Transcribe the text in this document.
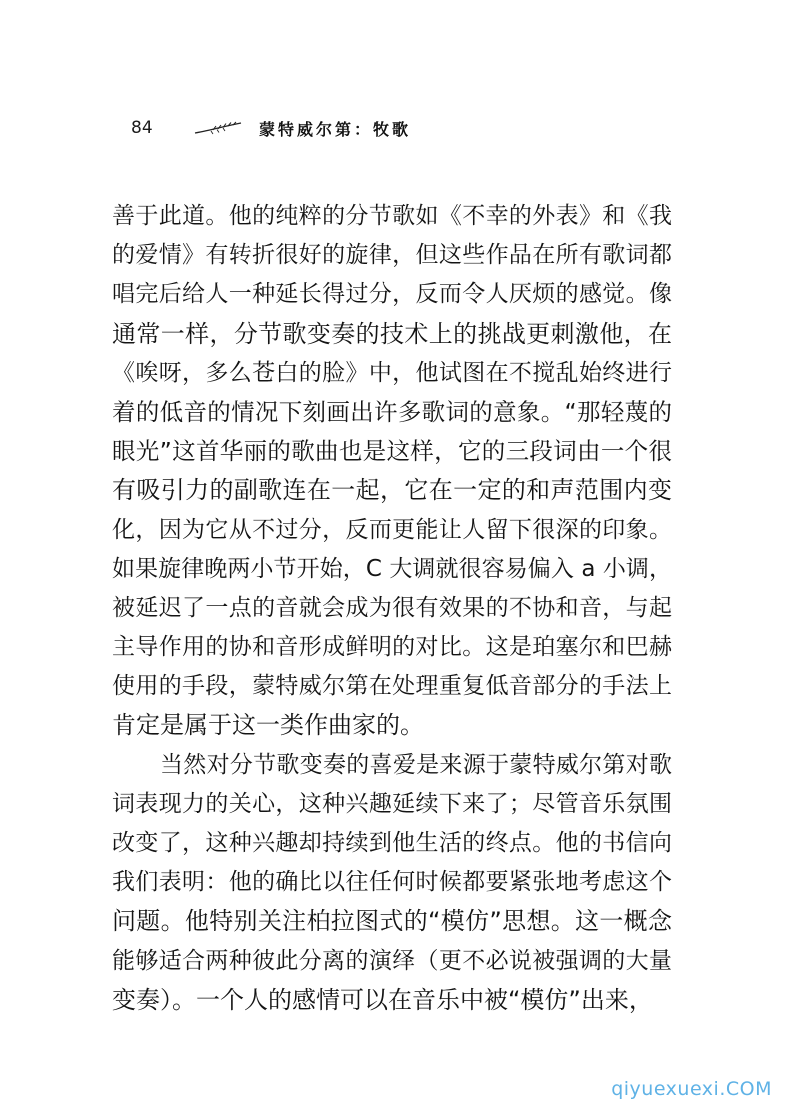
84	蒙特威尔第：牧歌
善于此道。他的纯粹的分节歌如《不幸的外表》和《我
的爱情》有转折很好的旋律，但这些作品在所有歌词都
唱完后给人一种延长得过分，反而令人厌烦的感觉。像
通常一样，分节歌变奏的技术上的挑战更刺激他，在
《唉呀，多么苍白的脸》中，他试图在不搅乱始终进行
着的低音的情况下刻画出许多歌词的意象。“那轻蔑的
眼光”这首华丽的歌曲也是这样，它的三段词由一个很
有吸引力的副歌连在一起，它在一定的和声范围内变
化，因为它从不过分，反而更能让人留下很深的印象。
如果旋律晚两小节开始，C 大调就很容易偏入 a 小调，
被延迟了一点的音就会成为很有效果的不协和音，与起
主导作用的协和音形成鲜明的对比。这是珀塞尔和巴赫
使用的手段，蒙特威尔第在处理重复低音部分的手法上
肯定是属于这一类作曲家的。
当然对分节歌变奏的喜爱是来源于蒙特威尔第对歌
词表现力的关心，这种兴趣延续下来了；尽管音乐氛围
改变了，这种兴趣却持续到他生活的终点。他的书信向
我们表明：他的确比以往任何时候都要紧张地考虑这个
问题。他特别关注柏拉图式的“模仿”思想。这一概念
能够适合两种彼此分离的演绎（更不必说被强调的大量
变奏）。一个人的感情可以在音乐中被“模仿”出来，
qiyuexuexi.COM
